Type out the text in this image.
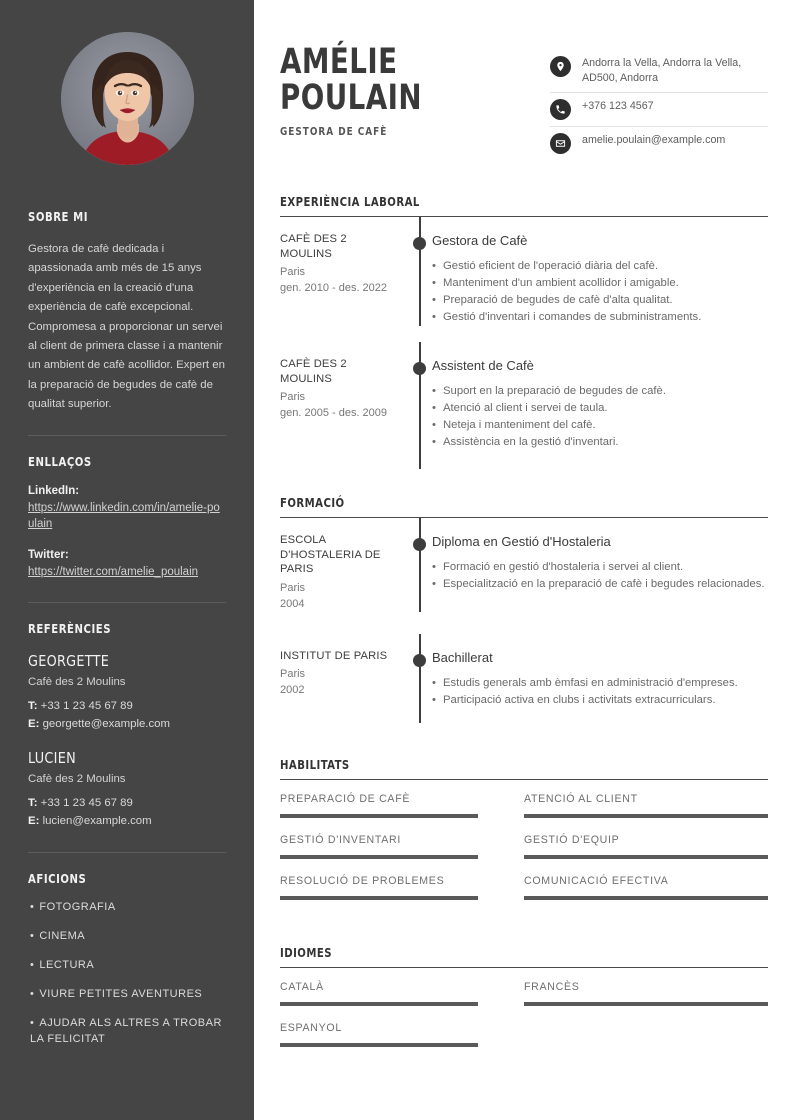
SOBRE MI

Gestora de cafè dedicada i apassionada amb més de 15 anys d'experiència en la creació d'una experiència de cafè excepcional. Compromesa a proporcionar un servei al client de primera classe i a mantenir un ambient de cafè acollidor. Expert en la preparació de begudes de cafè de qualitat superior.

ENLLAÇOS
LinkedIn:
https://www.linkedin.com/in/amelie-poulain
Twitter:
https://twitter.com/amelie_poulain
REFERÈNCIES
GEORGETTE
Cafè des 2 Moulins
T: +33 1 23 45 67 89
E: georgette@example.com
LUCIEN
Cafè des 2 Moulins
T: +33 1 23 45 67 89
E: lucien@example.com
AFICIONS
• FOTOGRAFIA
• CINEMA
• LECTURA
• VIURE PETITES AVENTURES
• AJUDAR ALS ALTRES A TROBAR LA FELICITAT
AMÉLIE
POULAIN
GESTORA DE CAFÈ
Andorra la Vella, Andorra la Vella, AD500, Andorra
+376 123 4567
amelie.poulain@example.com
EXPERIÈNCIA LABORAL
CAFÈ DES 2 MOULINS
Paris
gen. 2010 - des. 2022
Gestora de Cafè
• Gestió eficient de l'operació diària del cafè.
• Manteniment d'un ambient acollidor i amigable.
• Preparació de begudes de cafè d'alta qualitat.
• Gestió d'inventari i comandes de subministraments.
CAFÈ DES 2 MOULINS
Paris
gen. 2005 - des. 2009
Assistent de Cafè
• Suport en la preparació de begudes de cafè.
• Atenció al client i servei de taula.
• Neteja i manteniment del cafè.
• Assistència en la gestió d'inventari.
FORMACIÓ
ESCOLA D'HOSTALERIA DE PARIS
Paris
2004
Diploma en Gestió d'Hostaleria
• Formació en gestió d'hostaleria i servei al client.
• Especialització en la preparació de cafè i begudes relacionades.
INSTITUT DE PARIS
Paris
2002
Bachillerat
• Estudis generals amb èmfasi en administració d'empreses.
• Participació activa en clubs i activitats extracurriculars.
HABILITATS
PREPARACIÓ DE CAFÈ	ATENCIÓ AL CLIENT
GESTIÓ D'INVENTARI	GESTIÓ D'EQUIP
RESOLUCIÓ DE PROBLEMES	COMUNICACIÓ EFECTIVA
IDIOMES
CATALÀ	FRANCÈS
ESPANYOL
